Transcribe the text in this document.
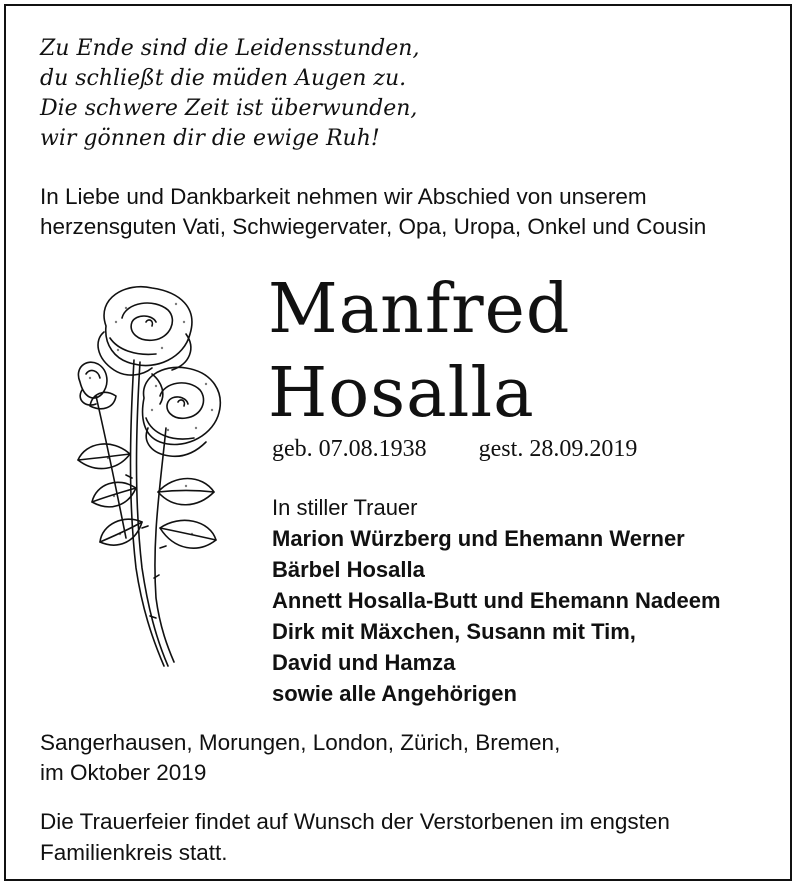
Zu Ende sind die Leidensstunden,
du schließt die müden Augen zu.
Die schwere Zeit ist überwunden,
wir gönnen dir die ewige Ruh!
In Liebe und Dankbarkeit nehmen wir Abschied von unserem
herzensguten Vati, Schwiegervater, Opa, Uropa, Onkel und Cousin
Manfred
Hosalla
geb. 07.08.1938 gest. 28.09.2019
In stiller Trauer
Marion Würzberg und Ehemann Werner
Bärbel Hosalla
Annett Hosalla-Butt und Ehemann Nadeem
Dirk mit Mäxchen, Susann mit Tim,
David und Hamza
sowie alle Angehörigen
Sangerhausen, Morungen, London, Zürich, Bremen,
im Oktober 2019
Die Trauerfeier findet auf Wunsch der Verstorbenen im engsten
Familienkreis statt.
